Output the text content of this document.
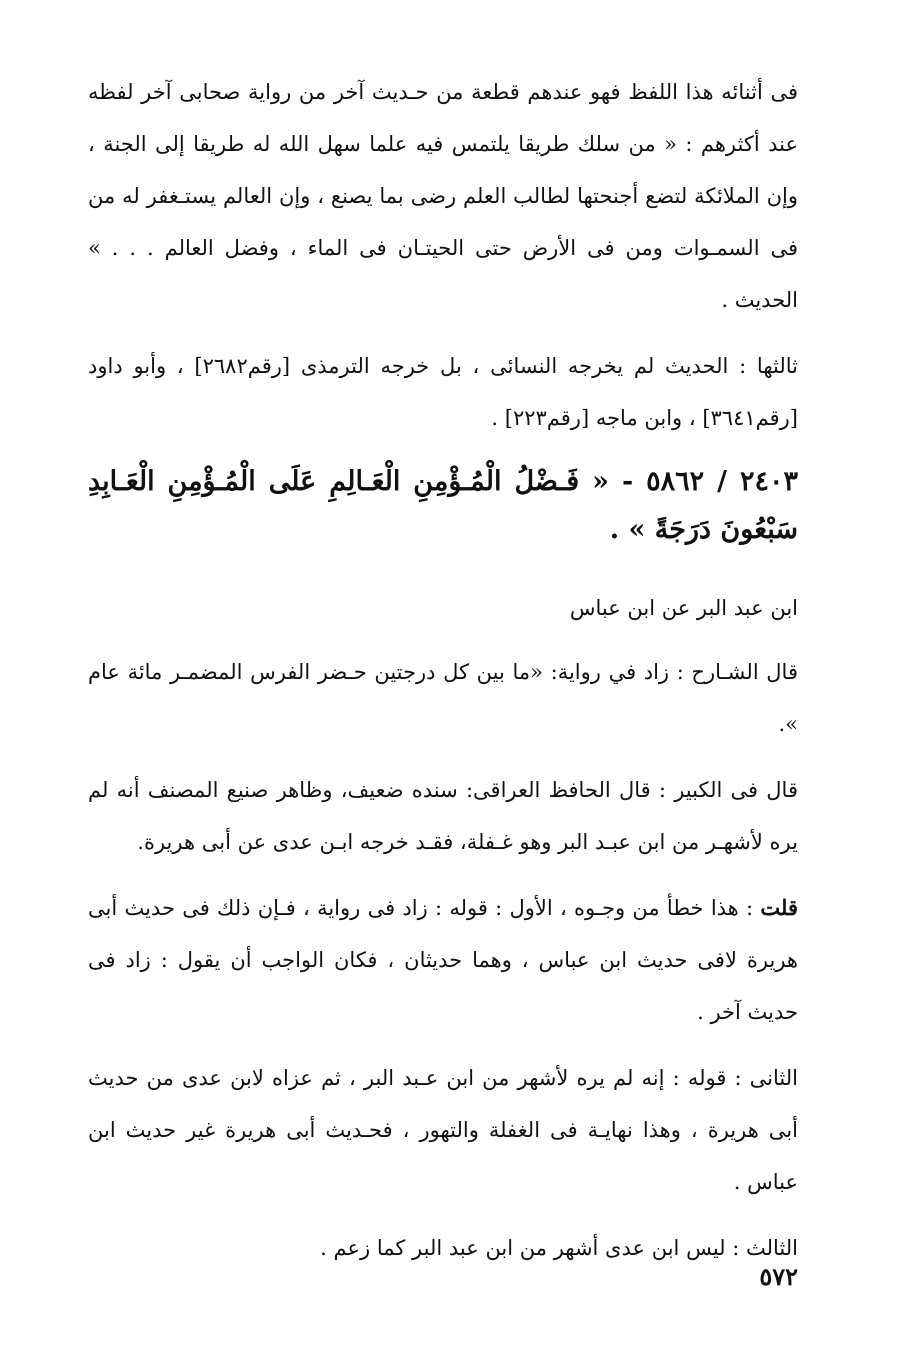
فى أثنائه هذا اللفظ فهو عندهم قطعة من حـديث آخر من رواية صحابى آخر لفظه عند أكثرهم : « من سلك طريقا يلتمس فيه علما سهل الله له طريقا إلى الجنة ، وإن الملائكة لتضع أجنحتها لطالب العلم رضى بما يصنع ، وإن العالم يستـغفر له من فى السمـوات ومن فى الأرض حتى الحيتـان فى الماء ، وفضل العالم . . . » الحديث .

ثالثها : الحديث لم يخرجه النسائى ، بل خرجه الترمذى [رقم٢٦٨٢] ، وأبو داود [رقم٣٦٤١] ، وابن ماجه [رقم٢٢٣] .

٢٤٠٣ / ٥٨٦٢ - « فَـضْلُ الْمُـؤْمِنِ الْعَـالِمِ عَلَى الْمُـؤْمِنِ الْعَـابِدِ سَبْعُونَ دَرَجَةً » .

ابن عبد البر عن ابن عباس

قال الشـارح : زاد في رواية: «ما بين كل درجتين حـضر الفرس المضمـر مائة عام ».

قال فى الكبير : قال الحافظ العراقى: سنده ضعيف، وظاهر صنيع المصنف أنه لم يره لأشهـر من ابن عبـد البر وهو غـفلة، فقـد خرجه ابـن عدى عن أبى هريرة.

قلت : هذا خطأ من وجـوه ، الأول : قوله : زاد فى رواية ، فـإن ذلك فى حديث أبى هريرة لافى حديث ابن عباس ، وهما حديثان ، فكان الواجب أن يقول : زاد فى حديث آخر .

الثانى : قوله : إنه لم يره لأشهر من ابن عـبد البر ، ثم عزاه لابن عدى من حديث أبى هريرة ، وهذا نهايـة فى الغفلة والتهور ، فحـديث أبى هريرة غير حديث ابن عباس .

الثالث : ليس ابن عدى أشهر من ابن عبد البر كما زعم .

٥٧٢
